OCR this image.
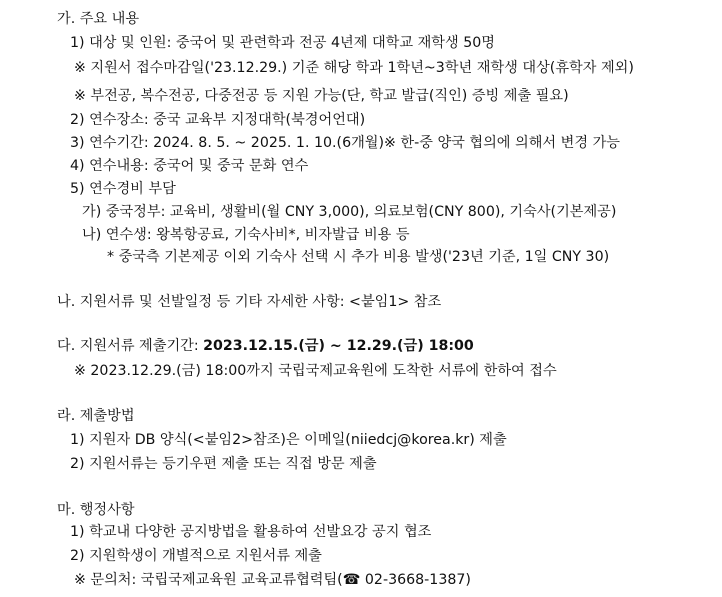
가. 주요 내용
1) 대상 및 인원: 중국어 및 관련학과 전공 4년제 대학교 재학생 50명
※ 지원서 접수마감일('23.12.29.) 기준 해당 학과 1학년~3학년 재학생 대상(휴학자 제외)
※ 부전공, 복수전공, 다중전공 등 지원 가능(단, 학교 발급(직인) 증빙 제출 필요)
2) 연수장소: 중국 교육부 지정대학(북경어언대)
3) 연수기간: 2024. 8. 5. ~ 2025. 1. 10.(6개월)※ 한-중 양국 협의에 의해서 변경 가능
4) 연수내용: 중국어 및 중국 문화 연수
5) 연수경비 부담
가) 중국정부: 교육비, 생활비(월 CNY 3,000), 의료보험(CNY 800), 기숙사(기본제공)
나) 연수생: 왕복항공료, 기숙사비*, 비자발급 비용 등
* 중국측 기본제공 이외 기숙사 선택 시 추가 비용 발생('23년 기준, 1일 CNY 30)
나. 지원서류 및 선발일정 등 기타 자세한 사항: <붙임1> 참조
다. 지원서류 제출기간: 2023.12.15.(금) ~ 12.29.(금) 18:00
※ 2023.12.29.(금) 18:00까지 국립국제교육원에 도착한 서류에 한하여 접수
라. 제출방법
1) 지원자 DB 양식(<붙임2>참조)은 이메일(niiedcj@korea.kr) 제출
2) 지원서류는 등기우편 제출 또는 직접 방문 제출
마. 행정사항
1) 학교내 다양한 공지방법을 활용하여 선발요강 공지 협조
2) 지원학생이 개별적으로 지원서류 제출
※ 문의처: 국립국제교육원 교육교류협력팀(☎ 02-3668-1387)
